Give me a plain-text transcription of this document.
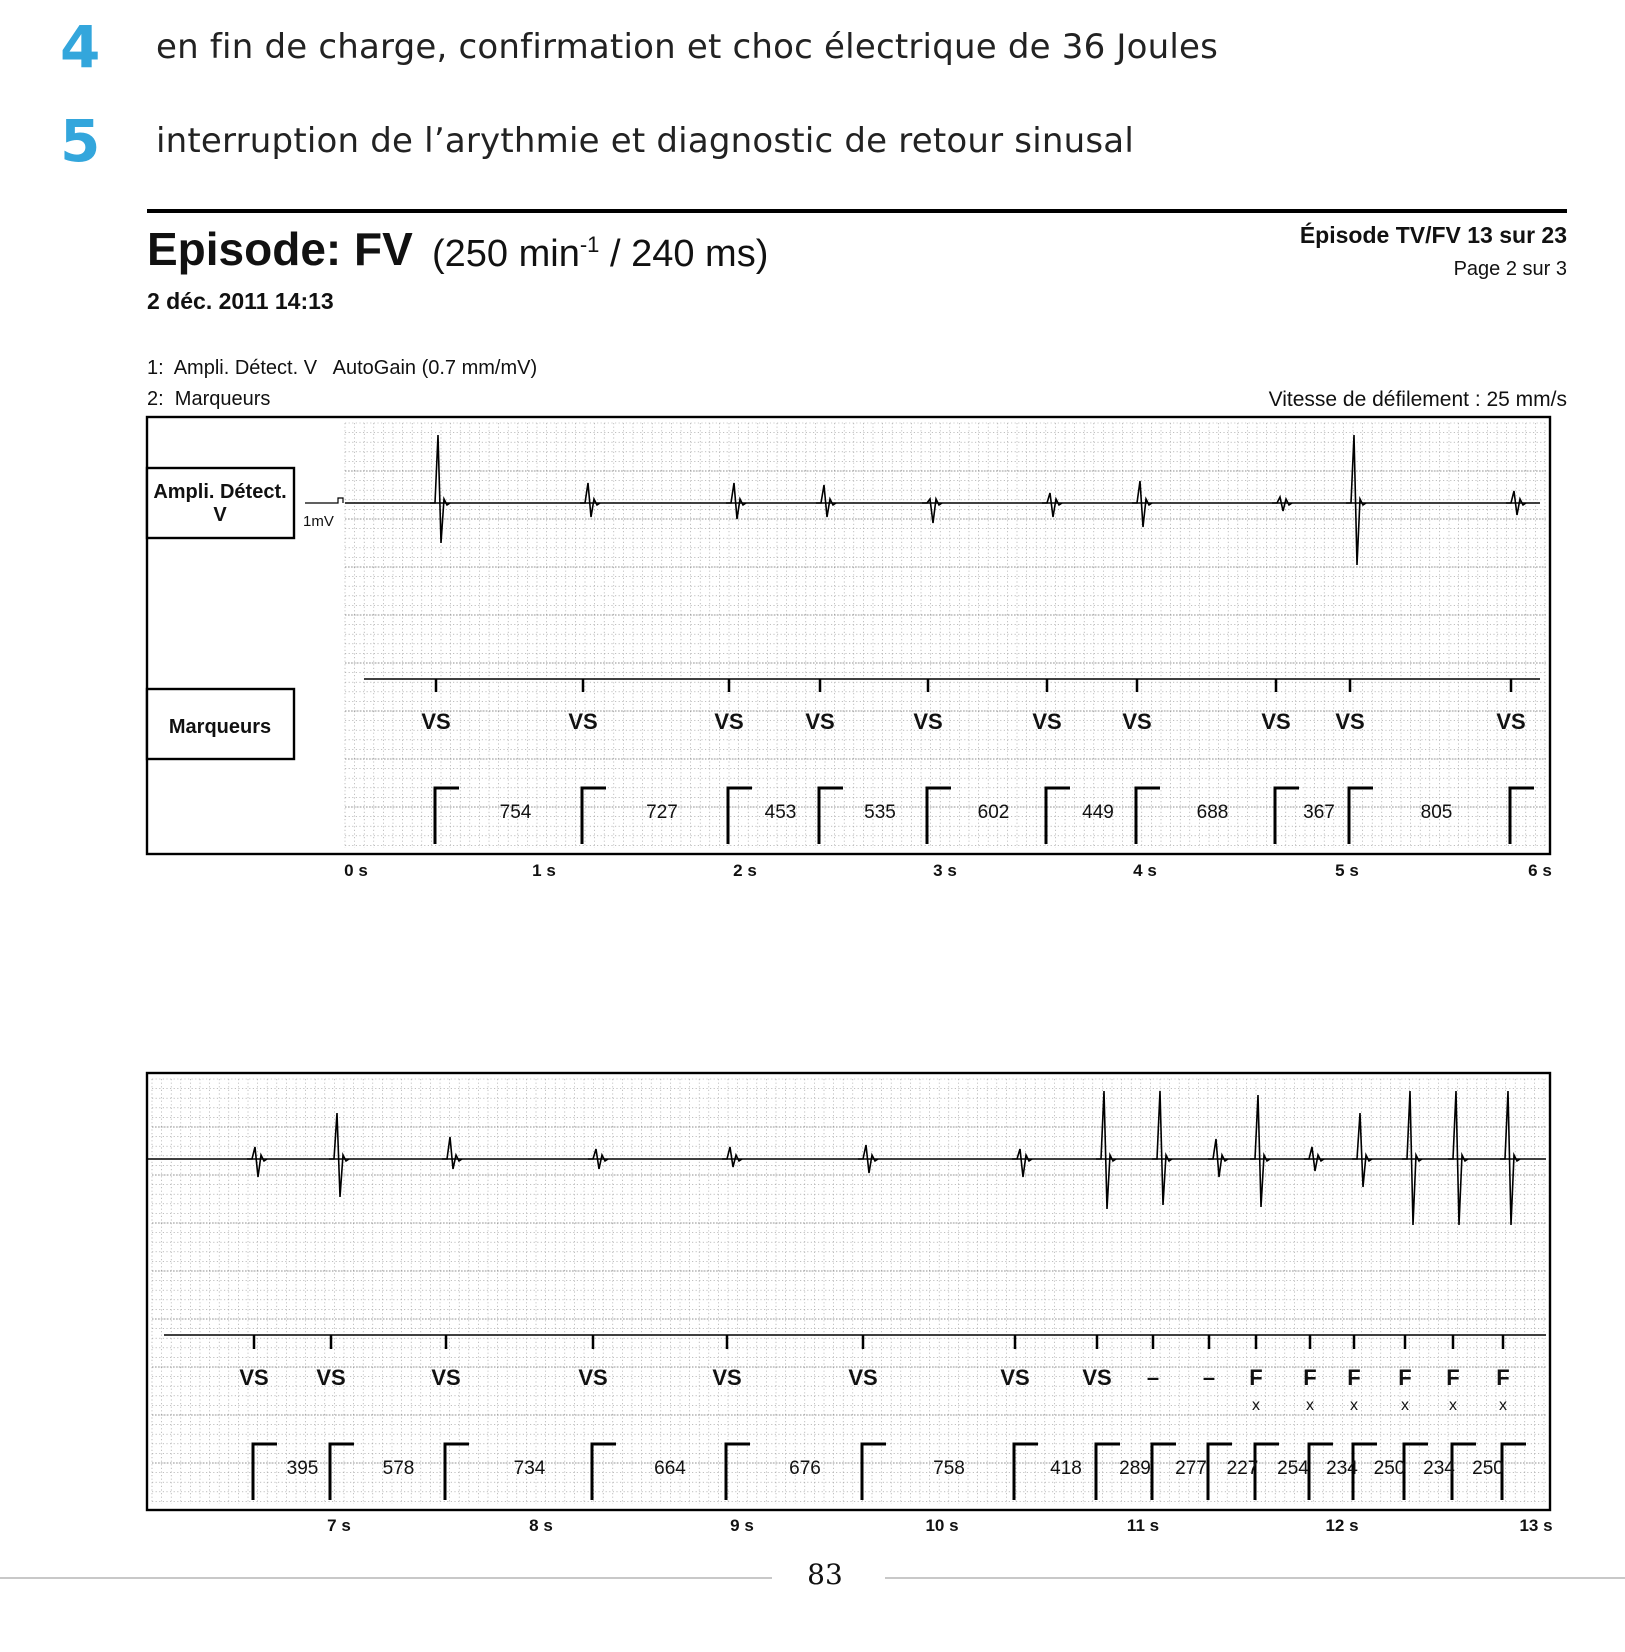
4	en fin de charge, confirmation et choc électrique de 36 Joules
5	interruption de l’arythmie et diagnostic de retour sinusal
Episode: FV (250 $\min^{-1} / 240$ ms)
2 déc. 2011 14:13
Épisode TV/FV 13 sur 23
Page 2 sur 3
1:  Ampli. Détect. V   AutoGain (0.7 mm/mV)
2:  Marqueurs	Vitesse de défilement : 25 mm/s
Ampli. Détect.
V
Marqueurs
1mV
VS	VS	VS	VS	VS	VS	VS	VS VS	VS
754	727	453	535	602	449	688	367	805
0 s	1 s	2 s	3 s	4 s	5 s	6 s
VS VS	VS	VS	VS	VS	VS VS – – F
x
F
x
F
x
F
x
F
x
F
x
395	578	734	664	676	758	418 289 277 227 254 234 250 234 250
7 s	8 s	9 s	10 s	11 s	12 s	13 s
83
